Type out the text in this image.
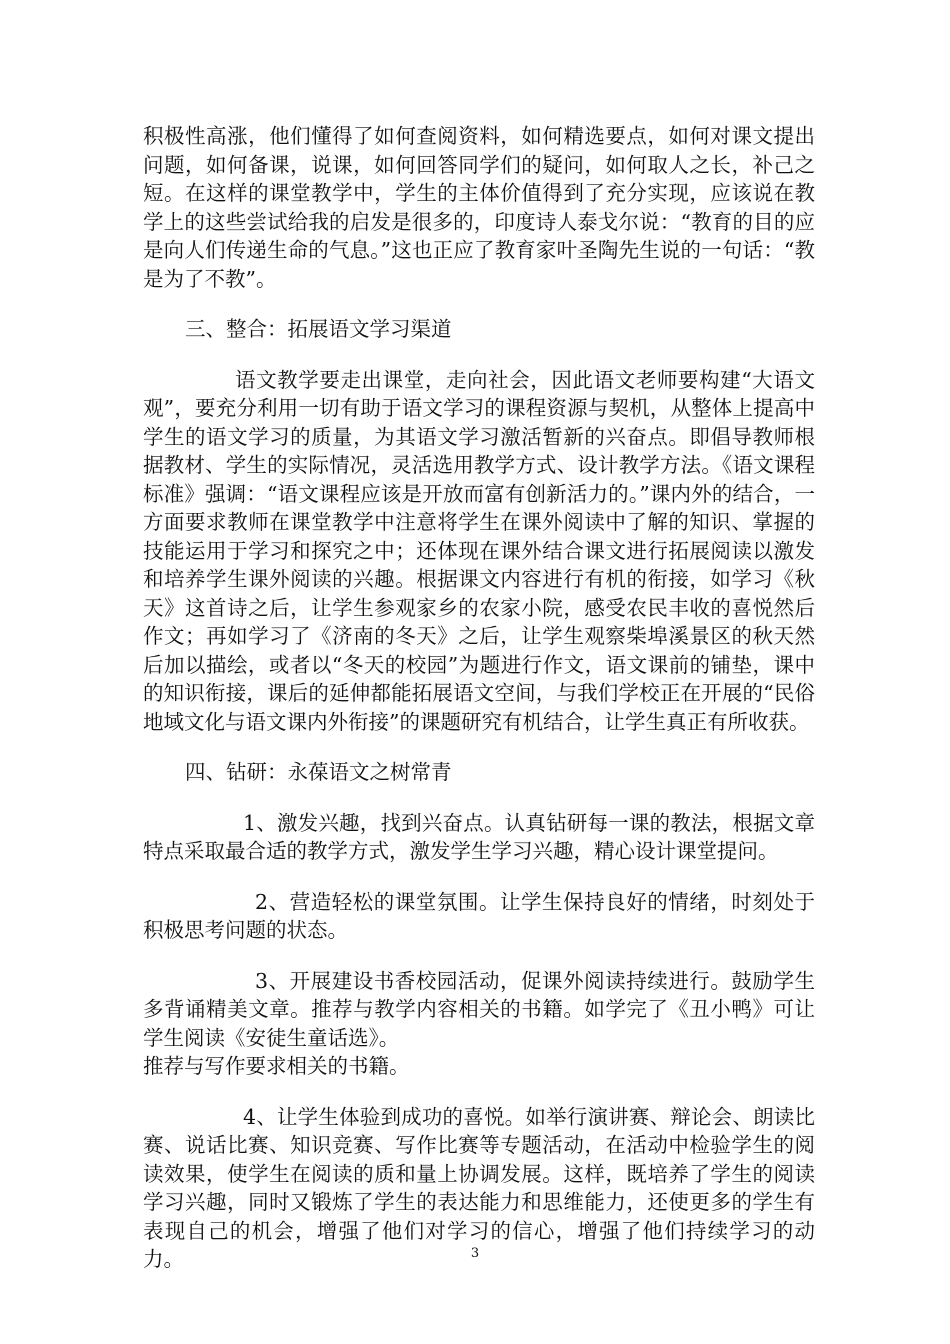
积极性高涨，他们懂得了如何查阅资料，如何精选要点，如何对课文提出问题，如何备课，说课，如何回答同学们的疑问，如何取人之长，补己之短。在这样的课堂教学中，学生的主体价值得到了充分实现，应该说在教学上的这些尝试给我的启发是很多的，印度诗人泰戈尔说：“教育的目的应是向人们传递生命的气息。”这也正应了教育家叶圣陶先生说的一句话：“教是为了不教”。

三、整合：拓展语文学习渠道

语文教学要走出课堂，走向社会，因此语文老师要构建“大语文观”，要充分利用一切有助于语文学习的课程资源与契机，从整体上提高中学生的语文学习的质量，为其语文学习激活暂新的兴奋点。即倡导教师根据教材、学生的实际情况，灵活选用教学方式、设计教学方法。《语文课程标准》强调：“语文课程应该是开放而富有创新活力的。”课内外的结合，一方面要求教师在课堂教学中注意将学生在课外阅读中了解的知识、掌握的技能运用于学习和探究之中；还体现在课外结合课文进行拓展阅读以激发和培养学生课外阅读的兴趣。根据课文内容进行有机的衔接，如学习《秋天》这首诗之后，让学生参观家乡的农家小院，感受农民丰收的喜悦然后作文；再如学习了《济南的冬天》之后，让学生观察柴埠溪景区的秋天然后加以描绘，或者以“冬天的校园”为题进行作文，语文课前的铺垫，课中的知识衔接，课后的延伸都能拓展语文空间，与我们学校正在开展的“民俗地域文化与语文课内外衔接”的课题研究有机结合，让学生真正有所收获。

四、钻研：永葆语文之树常青

1、激发兴趣，找到兴奋点。认真钻研每一课的教法，根据文章特点采取最合适的教学方式，激发学生学习兴趣，精心设计课堂提问。

2、营造轻松的课堂氛围。让学生保持良好的情绪，时刻处于积极思考问题的状态。

3、开展建设书香校园活动，促课外阅读持续进行。鼓励学生多背诵精美文章。推荐与教学内容相关的书籍。如学完了《丑小鸭》可让学生阅读《安徒生童话选》。

推荐与写作要求相关的书籍。

4、让学生体验到成功的喜悦。如举行演讲赛、辩论会、朗读比赛、说话比赛、知识竞赛、写作比赛等专题活动，在活动中检验学生的阅读效果，使学生在阅读的质和量上协调发展。这样，既培养了学生的阅读学习兴趣，同时又锻炼了学生的表达能力和思维能力，还使更多的学生有表现自己的机会，增强了他们对学习的信心，增强了他们持续学习的动力。	3
